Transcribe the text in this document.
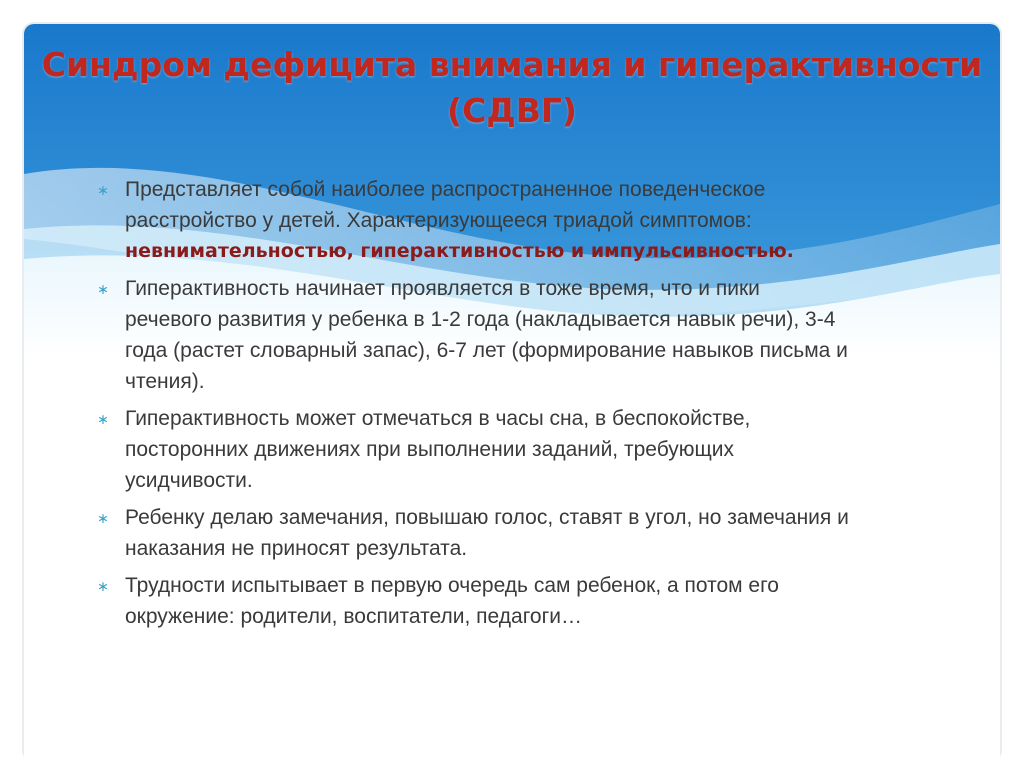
Синдром дефицита внимания и гиперактивности
(СДВГ)
∗ Представляет собой наиболее распространенное поведенческое
расстройство у детей. Характеризующееся триадой симптомов:
невнимательностью, гиперактивностью и импульсивностью.
∗ Гиперактивность начинает проявляется в тоже время, что и пики
речевого развития у ребенка в 1-2 года (накладывается навык речи), 3-4
года (растет словарный запас), 6-7 лет (формирование навыков письма и
чтения).
∗ Гиперактивность может отмечаться в часы сна, в беспокойстве,
посторонних движениях при выполнении заданий, требующих
усидчивости.
∗ Ребенку делаю замечания, повышаю голос, ставят в угол, но замечания и
наказания не приносят результата.
∗ Трудности испытывает в первую очередь сам ребенок, а потом его
окружение: родители, воспитатели, педагоги…
